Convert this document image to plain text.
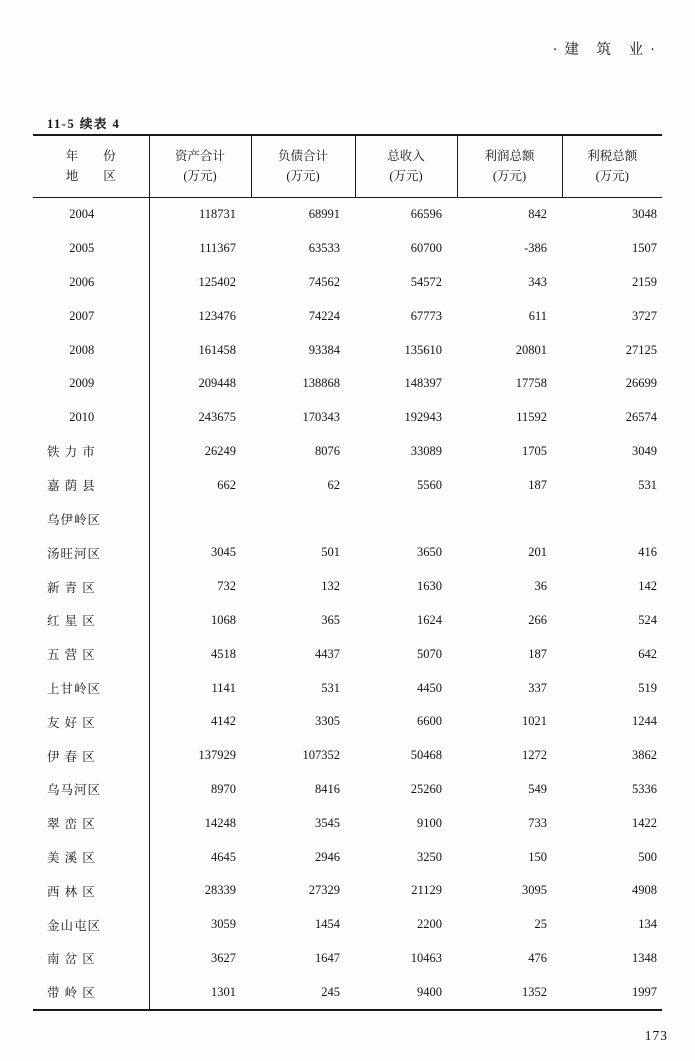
·建 筑 业·
11-5 续表 4
年　　份
地　　区

资产合计
(万元)

负债合计
(万元)

总收入
(万元)

利润总额
(万元)

利税总额
(万元)

2004	118731	68991	66596	842	3048
2005	111367	63533	60700	-386	1507
2006	125402	74562	54572	343	2159
2007	123476	74224	67773	611	3727
2008	161458	93384	135610	20801	27125
2009	209448	138868	148397	17758	26699
2010	243675	170343	192943	11592	26574
铁 力 市	26249	8076	33089	1705	3049
嘉 荫 县	662	62	5560	187	531
乌伊岭区					
汤旺河区	3045	501	3650	201	416
新 青 区	732	132	1630	36	142
红 星 区	1068	365	1624	266	524
五 营 区	4518	4437	5070	187	642
上甘岭区	1141	531	4450	337	519
友 好 区	4142	3305	6600	1021	1244
伊 春 区	137929	107352	50468	1272	3862
乌马河区	8970	8416	25260	549	5336
翠 峦 区	14248	3545	9100	733	1422
美 溪 区	4645	2946	3250	150	500
西 林 区	28339	27329	21129	3095	4908
金山屯区	3059	1454	2200	25	134
南 岔 区	3627	1647	10463	476	1348
带 岭 区	1301	245	9400	1352	1997
173
